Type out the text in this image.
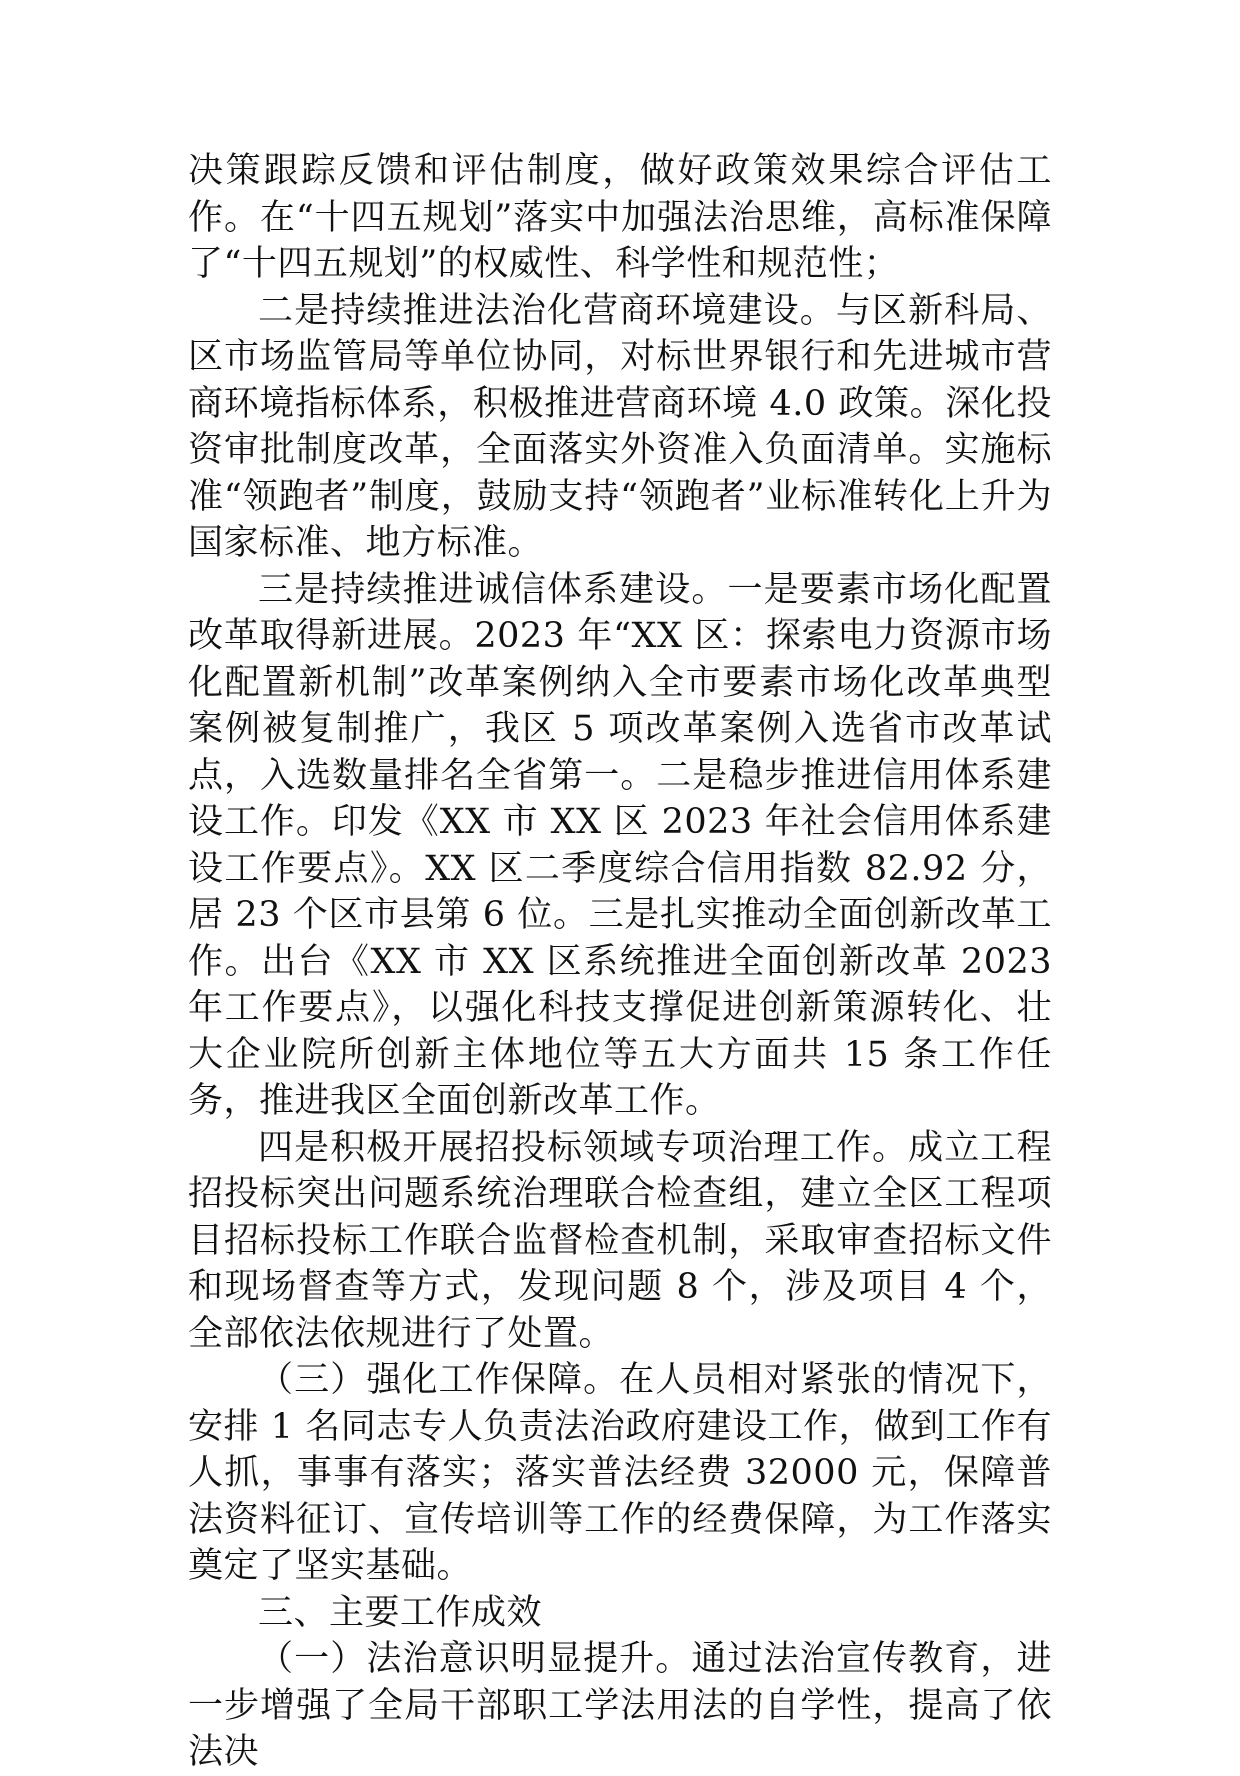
决策跟踪反馈和评估制度，做好政策效果综合评估工作。在“十四五规划”落实中加强法治思维，高标准保障了“十四五规划”的权威性、科学性和规范性；

二是持续推进法治化营商环境建设。与区新科局、区市场监管局等单位协同，对标世界银行和先进城市营商环境指标体系，积极推进营商环境 4.0 政策。深化投资审批制度改革，全面落实外资准入负面清单。实施标准“领跑者”制度，鼓励支持“领跑者”业标准转化上升为国家标准、地方标准。

三是持续推进诚信体系建设。一是要素市场化配置改革取得新进展。2023 年“XX 区：探索电力资源市场化配置新机制”改革案例纳入全市要素市场化改革典型案例被复制推广，我区 5 项改革案例入选省市改革试点，入选数量排名全省第一。二是稳步推进信用体系建设工作。印发《XX 市 XX 区 2023 年社会信用体系建设工作要点》。XX 区二季度综合信用指数 82.92 分，居 23 个区市县第 6 位。三是扎实推动全面创新改革工作。出台《XX 市 XX 区系统推进全面创新改革 2023 年工作要点》，以强化科技支撑促进创新策源转化、壮大企业院所创新主体地位等五大方面共 15 条工作任务，推进我区全面创新改革工作。

四是积极开展招投标领域专项治理工作。成立工程招投标突出问题系统治理联合检查组，建立全区工程项目招标投标工作联合监督检查机制，采取审查招标文件和现场督查等方式，发现问题 8 个，涉及项目 4 个，全部依法依规进行了处置。

（三）强化工作保障。在人员相对紧张的情况下，安排 1 名同志专人负责法治政府建设工作，做到工作有人抓，事事有落实；落实普法经费 32000 元，保障普法资料征订、宣传培训等工作的经费保障，为工作落实奠定了坚实基础。

三、主要工作成效

（一）法治意识明显提升。通过法治宣传教育，进一步增强了全局干部职工学法用法的自学性，提高了依法决
